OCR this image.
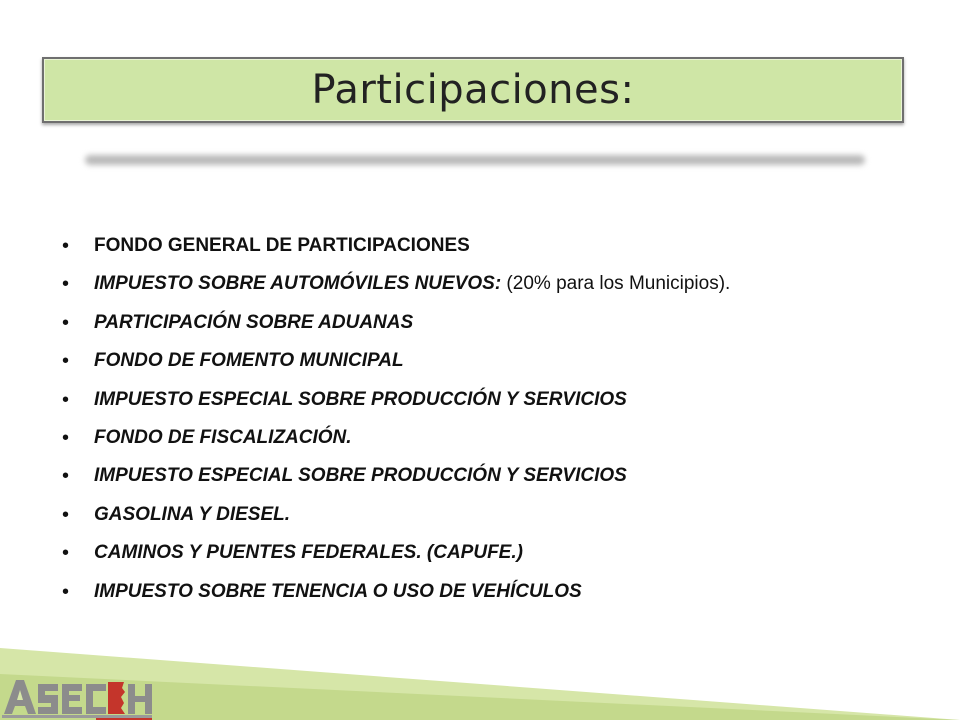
Participaciones:
• FONDO GENERAL DE PARTICIPACIONES
• IMPUESTO SOBRE AUTOMÓVILES NUEVOS: (20% para los Municipios).
• PARTICIPACIÓN SOBRE ADUANAS
• FONDO DE FOMENTO MUNICIPAL
• IMPUESTO ESPECIAL SOBRE PRODUCCIÓN Y SERVICIOS
• FONDO DE FISCALIZACIÓN.
• IMPUESTO ESPECIAL SOBRE PRODUCCIÓN Y SERVICIOS
• GASOLINA Y DIESEL.
• CAMINOS Y PUENTES FEDERALES. (CAPUFE.)
• IMPUESTO SOBRE TENENCIA O USO DE VEHÍCULOS
